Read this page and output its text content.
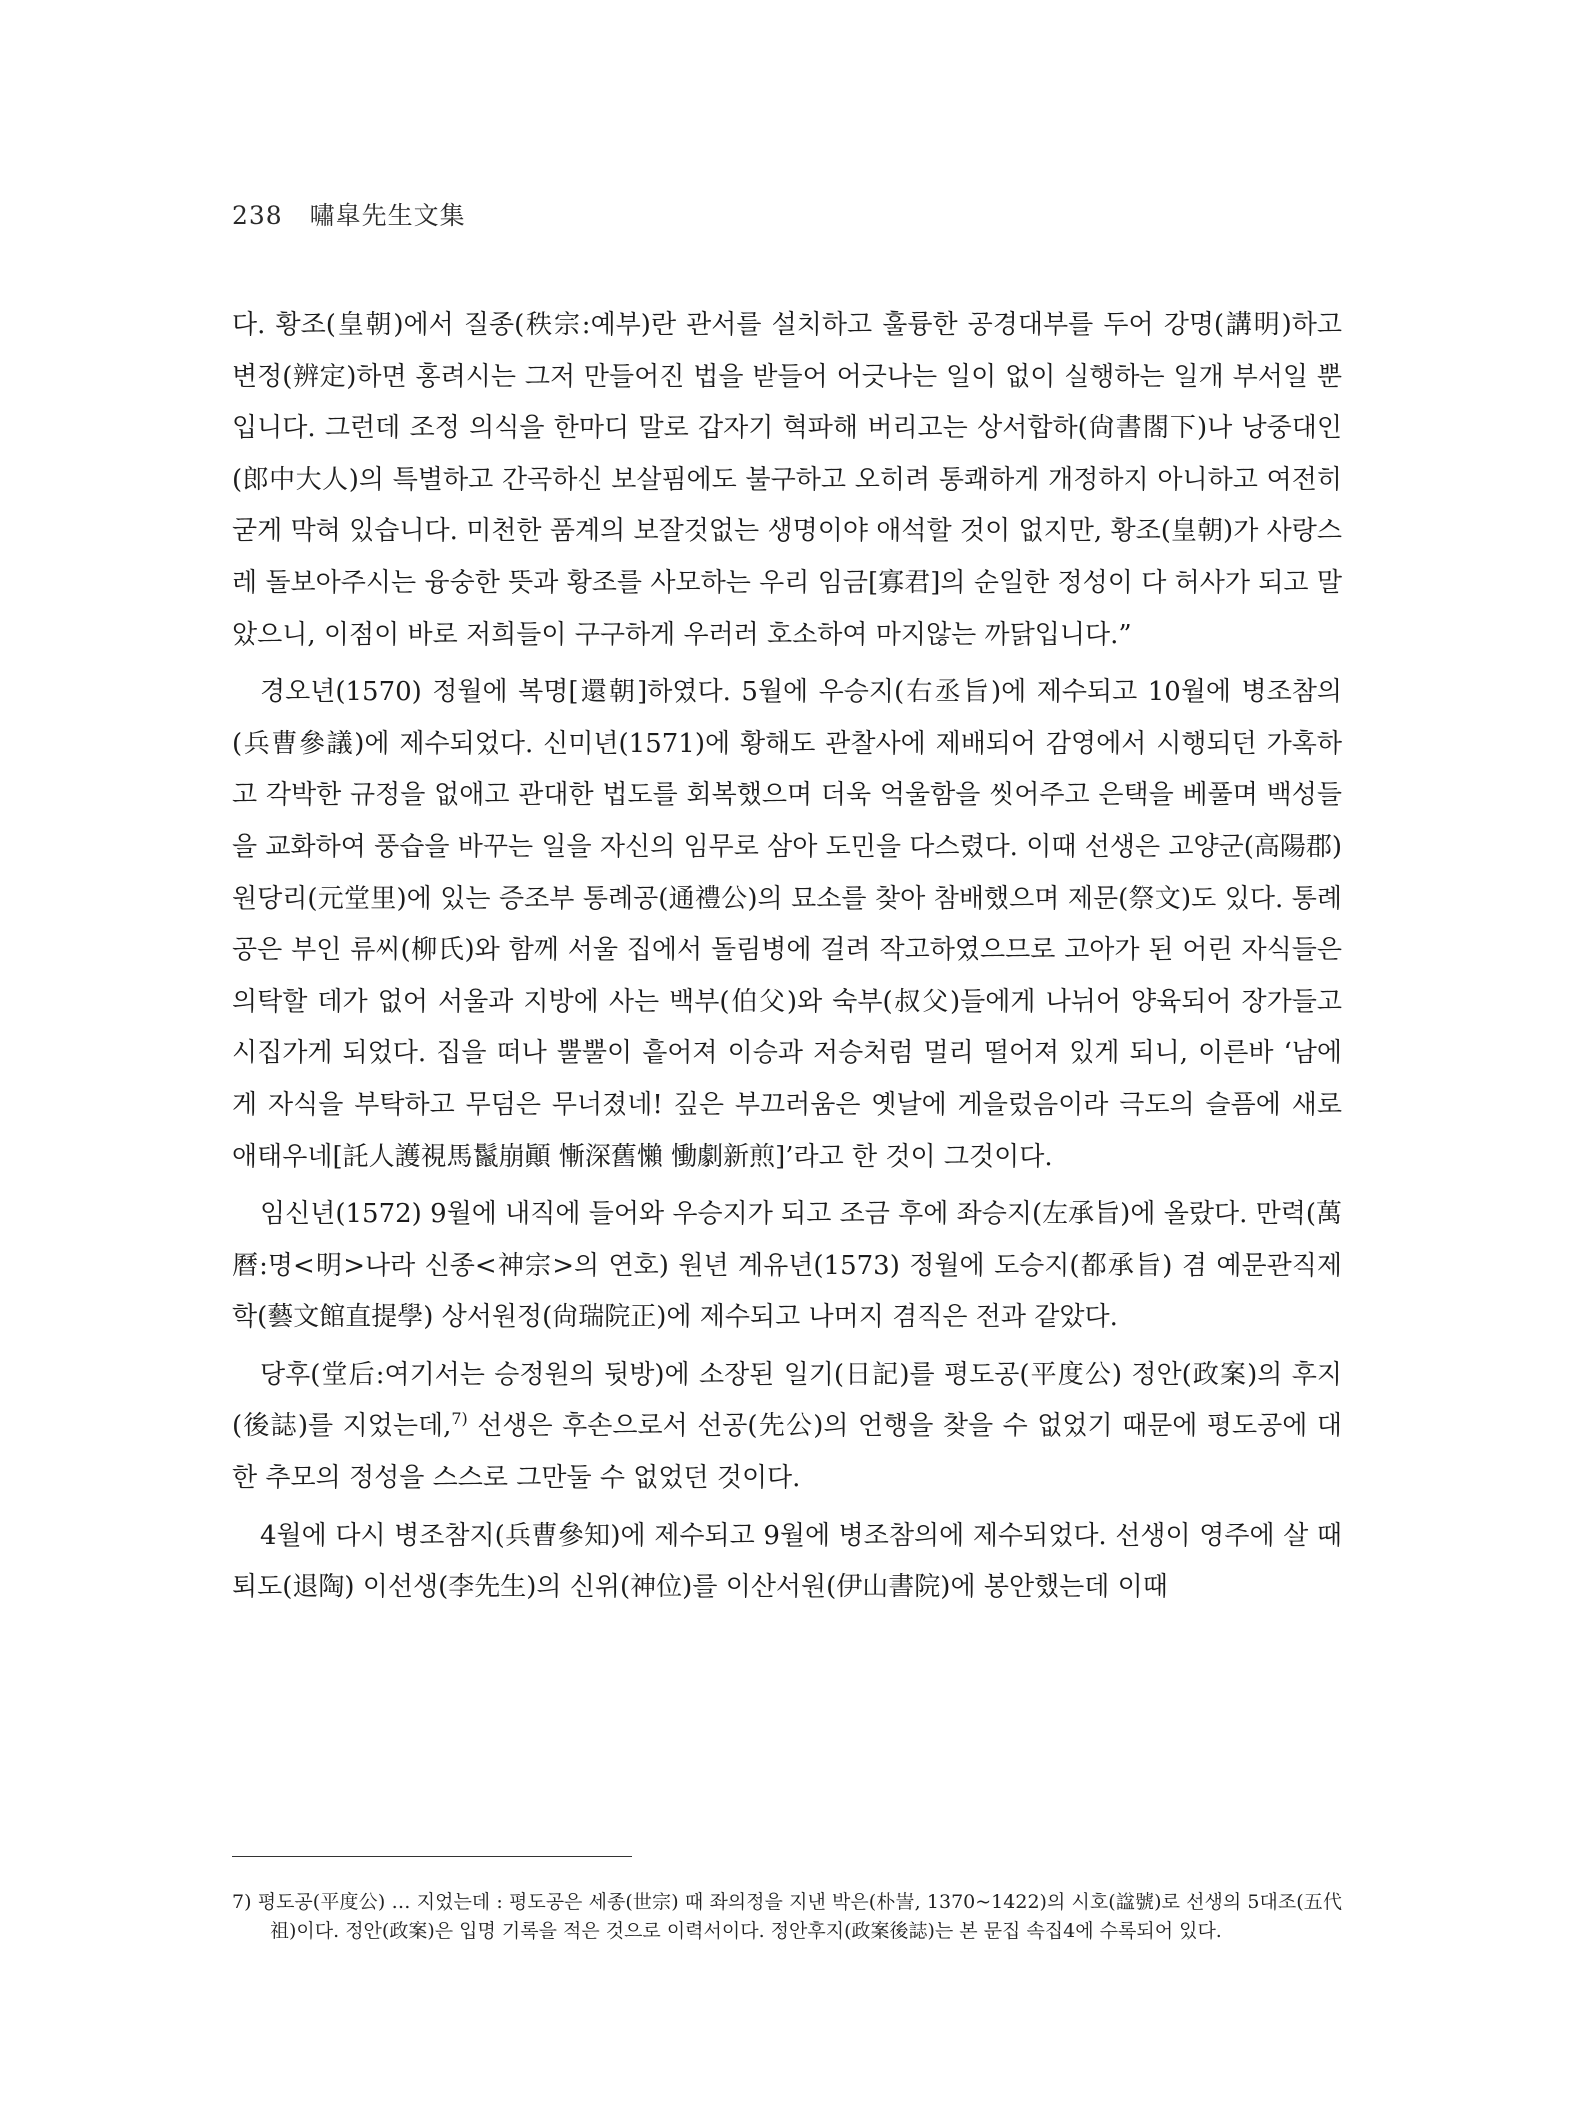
238 嘯皐先生文集

다. 황조(皇朝)에서 질종(秩宗:예부)란 관서를 설치하고 훌륭한 공경대부를 두어 강명(講明)하고 변정(辨定)하면 홍려시는 그저 만들어진 법을 받들어 어긋나는 일이 없이 실행하는 일개 부서일 뿐입니다. 그런데 조정 의식을 한마디 말로 갑자기 혁파해 버리고는 상서합하(尙書閤下)나 낭중대인(郎中大人)의 특별하고 간곡하신 보살핌에도 불구하고 오히려 통쾌하게 개정하지 아니하고 여전히 굳게 막혀 있습니다. 미천한 품계의 보잘것없는 생명이야 애석할 것이 없지만, 황조(皇朝)가 사랑스레 돌보아주시는 융숭한 뜻과 황조를 사모하는 우리 임금[寡君]의 순일한 정성이 다 허사가 되고 말았으니, 이점이 바로 저희들이 구구하게 우러러 호소하여 마지않는 까닭입니다.”

경오년(1570) 정월에 복명[還朝]하였다. 5월에 우승지(右丞旨)에 제수되고 10월에 병조참의(兵曹參議)에 제수되었다. 신미년(1571)에 황해도 관찰사에 제배되어 감영에서 시행되던 가혹하고 각박한 규정을 없애고 관대한 법도를 회복했으며 더욱 억울함을 씻어주고 은택을 베풀며 백성들을 교화하여 풍습을 바꾸는 일을 자신의 임무로 삼아 도민을 다스렸다. 이때 선생은 고양군(高陽郡) 원당리(元堂里)에 있는 증조부 통례공(通禮公)의 묘소를 찾아 참배했으며 제문(祭文)도 있다. 통례공은 부인 류씨(柳氏)와 함께 서울 집에서 돌림병에 걸려 작고하였으므로 고아가 된 어린 자식들은 의탁할 데가 없어 서울과 지방에 사는 백부(伯父)와 숙부(叔父)들에게 나뉘어 양육되어 장가들고 시집가게 되었다. 집을 떠나 뿔뿔이 흩어져 이승과 저승처럼 멀리 떨어져 있게 되니, 이른바 ‘남에게 자식을 부탁하고 무덤은 무너졌네! 깊은 부끄러움은 옛날에 게을렀음이라 극도의 슬픔에 새로 애태우네[託人護視馬鬣崩顚 慚深舊懶 慟劇新煎]’라고 한 것이 그것이다.

임신년(1572) 9월에 내직에 들어와 우승지가 되고 조금 후에 좌승지(左承旨)에 올랐다. 만력(萬曆:명<明>나라 신종<神宗>의 연호) 원년 계유년(1573) 정월에 도승지(都承旨) 겸 예문관직제학(藝文館直提學) 상서원정(尙瑞院正)에 제수되고 나머지 겸직은 전과 같았다.

당후(堂后:여기서는 승정원의 뒷방)에 소장된 일기(日記)를 평도공(平度公) 정안(政案)의 후지(後誌)를 지었는데,$^{7)}$ 선생은 후손으로서 선공(先公)의 언행을 찾을 수 없었기 때문에 평도공에 대한 추모의 정성을 스스로 그만둘 수 없었던 것이다.

4월에 다시 병조참지(兵曹參知)에 제수되고 9월에 병조참의에 제수되었다. 선생이 영주에 살 때 퇴도(退陶) 이선생(李先生)의 신위(神位)를 이산서원(伊山書院)에 봉안했는데 이때

7) 평도공(平度公) … 지었는데 : 평도공은 세종(世宗) 때 좌의정을 지낸 박은(朴訔, 1370~1422)의 시호(諡號)로 선생의 5대조(五代祖)이다. 정안(政案)은 입명 기록을 적은 것으로 이력서이다. 정안후지(政案後誌)는 본 문집 속집4에 수록되어 있다.
